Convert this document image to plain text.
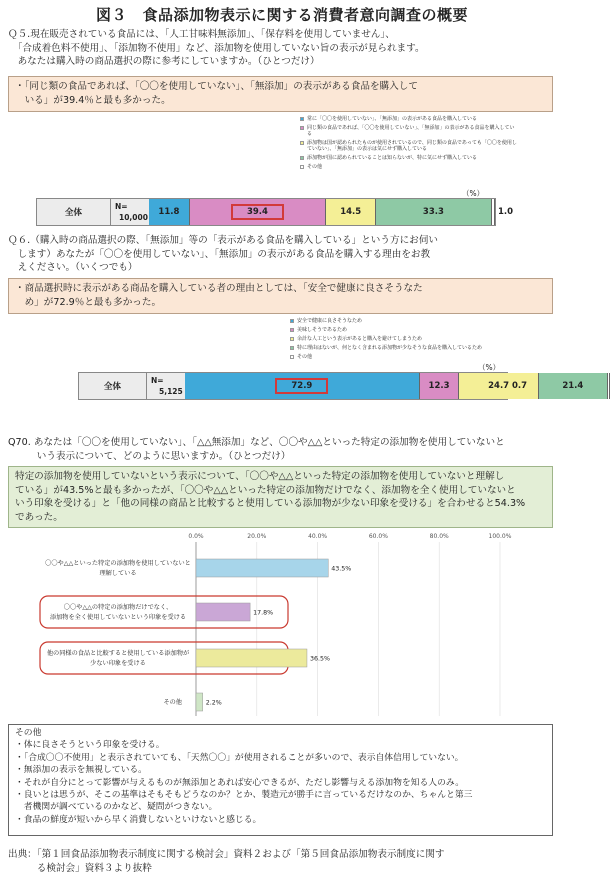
図３　食品添加物表示に関する消費者意向調査の概要
Ｑ５.現在販売されている食品には、「人工甘味料無添加」、「保存料を使用していません」、
　「合成着色料不使用」、「添加物不使用」など、添加物を使用していない旨の表示が見られます。
　あなたは購入時の商品選択の際に参考にしていますか。（ひとつだけ）
・「同じ類の食品であれば、「〇〇を使用していない」、「無添加」の表示がある食品を購入して
　いる」が39.4％と最も多かった。
常に「〇〇を使用していない」、「無添加」の表示がある食品を購入している
同じ類の食品であれば、「〇〇を使用していない」、「無添加」の表示がある食品を購入してい
る
添加物は国が認められたものが使用されているので、同じ類の食品であっても「〇〇を使用し
ていない」、「無添加」の表示は気にせず購入している
添加物が国に認められていることは知らないが、特に気にせず購入している
その他
（%）
全体
N=
10,000
11.8	39.4	14.5	33.3	1.0
Ｑ６.（購入時の商品選択の際、「無添加」等の「表示がある食品を購入している」という方にお伺い
　します）あなたが「〇〇を使用していない」、「無添加」の表示がある食品を購入する理由をお教
　えください。（いくつでも）
・商品選択時に表示がある商品を購入している者の理由としては、「安全で健康に良さそうなた
　め」が72.9％と最も多かった。
安全で健康に良さそうなため
美味しそうであるため
余計な人工という表示があると購入を避けてしまうため
特に理由はないが、何となく含まれる添加物が少なそうな食品を購入しているため
その他
（%）
全体
N=
5,125
72.9	12.3	24.7	21.4
0.7
Q70. あなたは「〇〇を使用していない」、「△△無添加」など、〇〇や△△といった特定の添加物を使用していないと
　　　いう表示について、どのように思いますか。（ひとつだけ）
特定の添加物を使用していないという表示について、「〇〇や△△といった特定の添加物を使用していないと理解し
ている」が43.5%と最も多かったが、「〇〇や△△といった特定の添加物だけでなく、添加物を全く使用していないと
いう印象を受ける」と「他の同様の商品と比較すると使用している添加物が少ない印象を受ける」を合わせると54.3%
であった。
0.0%	20.0%	40.0%	60.0%	80.0%	100.0%
〇〇や△△といった特定の添加物を使用していないと
理解している
43.5%
〇〇や△△の特定の添加物だけでなく、
添加物を全く使用していないという印象を受ける
17.8%
他の同様の食品と比較すると使用している添加物が
少ない印象を受ける
36.5%
その他	2.2%
その他
・体に良さそうという印象を受ける。
・「合成〇〇不使用」と表示されていても、「天然〇〇」が使用されることが多いので、表示自体信用していない。
・無添加の表示を無視している。
・それが自分にとって影響が与えるものが無添加とあれば安心できるが、ただし影響与える添加物を知る人のみ。
・良いとは思うが、そこの基準はそもそもどうなのか？とか、製造元が勝手に言っているだけなのか、ちゃんと第三
　者機関が調べているのかなど、疑問がつきない。
・食品の鮮度が短いから早く消費しないといけないと感じる。
出典：「第１回食品添加物表示制度に関する検討会」資料２および「第５回食品添加物表示制度に関す
　　　る検討会」資料３より抜粋
